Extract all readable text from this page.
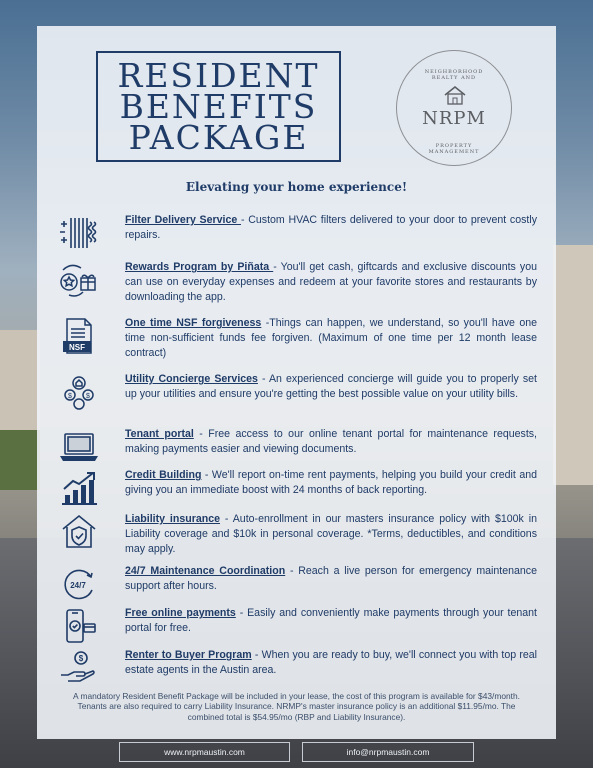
RESIDENT
BENEFITS
PACKAGE
NEIGHBORHOOD REALTY AND
NRPM
PROPERTY MANAGEMENT
Elevating your home experience!
Filter Delivery Service - Custom HVAC filters delivered to your door to prevent costly repairs.
Rewards Program by Piñata - You'll get cash, giftcards and exclusive discounts you can use on everyday expenses and redeem at your favorite stores and restaurants by downloading the app.
NSF
One time NSF forgiveness -Things can happen, we understand, so you'll have one time non-sufficient funds fee forgiven. (Maximum of one time per 12 month lease contract)
$ $
Utility Concierge Services - An experienced concierge will guide you to properly set up your utilities and ensure you're getting the best possible value on your utility bills.
Tenant portal - Free access to our online tenant portal for maintenance requests, making payments easier and viewing documents.
Credit Building - We'll report on-time rent payments, helping you build your credit and giving you an immediate boost with 24 months of back reporting.
Liability insurance - Auto-enrollment in our masters insurance policy with $100k in Liability coverage and $10k in personal coverage. *Terms, deductibles, and conditions may apply.
24/7
24/7 Maintenance Coordination - Reach a live person for emergency maintenance support after hours.
Free online payments - Easily and conveniently make payments through your tenant portal for free.
$	Renter to Buyer Program - When you are ready to buy, we'll connect you with top real estate agents in the Austin area.
A mandatory Resident Benefit Package will be included in your lease, the cost of this program is available for $43/month. Tenants are also required to carry Liability Insurance. NRMP's master insurance policy is an additional $11.95/mo. The combined total is $54.95/mo (RBP and Liability Insurance).
www.nrpmaustin.com	info@nrpmaustin.com
